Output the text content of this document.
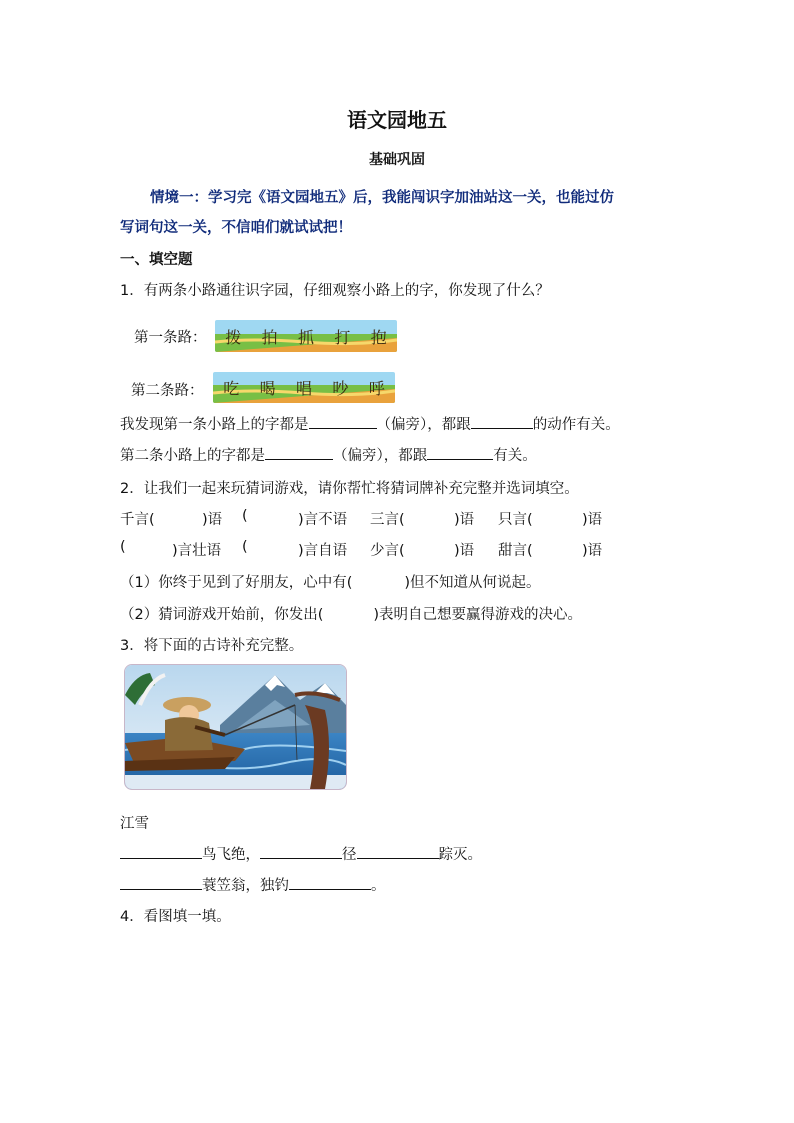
语文园地五
基础巩固
情境一：学习完《语文园地五》后，我能闯识字加油站这一关，也能过仿
写词句这一关，不信咱们就试试把！
一、填空题
1．有两条小路通往识字园，仔细观察小路上的字，你发现了什么？
第一条路： 拨 拍 抓 打 抱
第二条路： 吃 喝 唱 吵 呼
我发现第一条小路上的字都是	（偏旁），都跟	的动作有关。
第二条小路上的字都是	（偏旁），都跟	有关。
2．让我们一起来玩猜词游戏，请你帮忙将猜词牌补充完整并选词填空。
千言(	)语 (	)言不语 三言(	)语 只言(	)语
(	)言壮语 (	)言自语 少言(	)语 甜言(	)语
（1）你终于见到了好朋友，心中有(	)但不知道从何说起。
（2）猜词游戏开始前，你发出(	)表明自己想要赢得游戏的决心。
3．将下面的古诗补充完整。
江雪
鸟飞绝，	径	踪灭。
蓑笠翁，独钓	。
4．看图填一填。
